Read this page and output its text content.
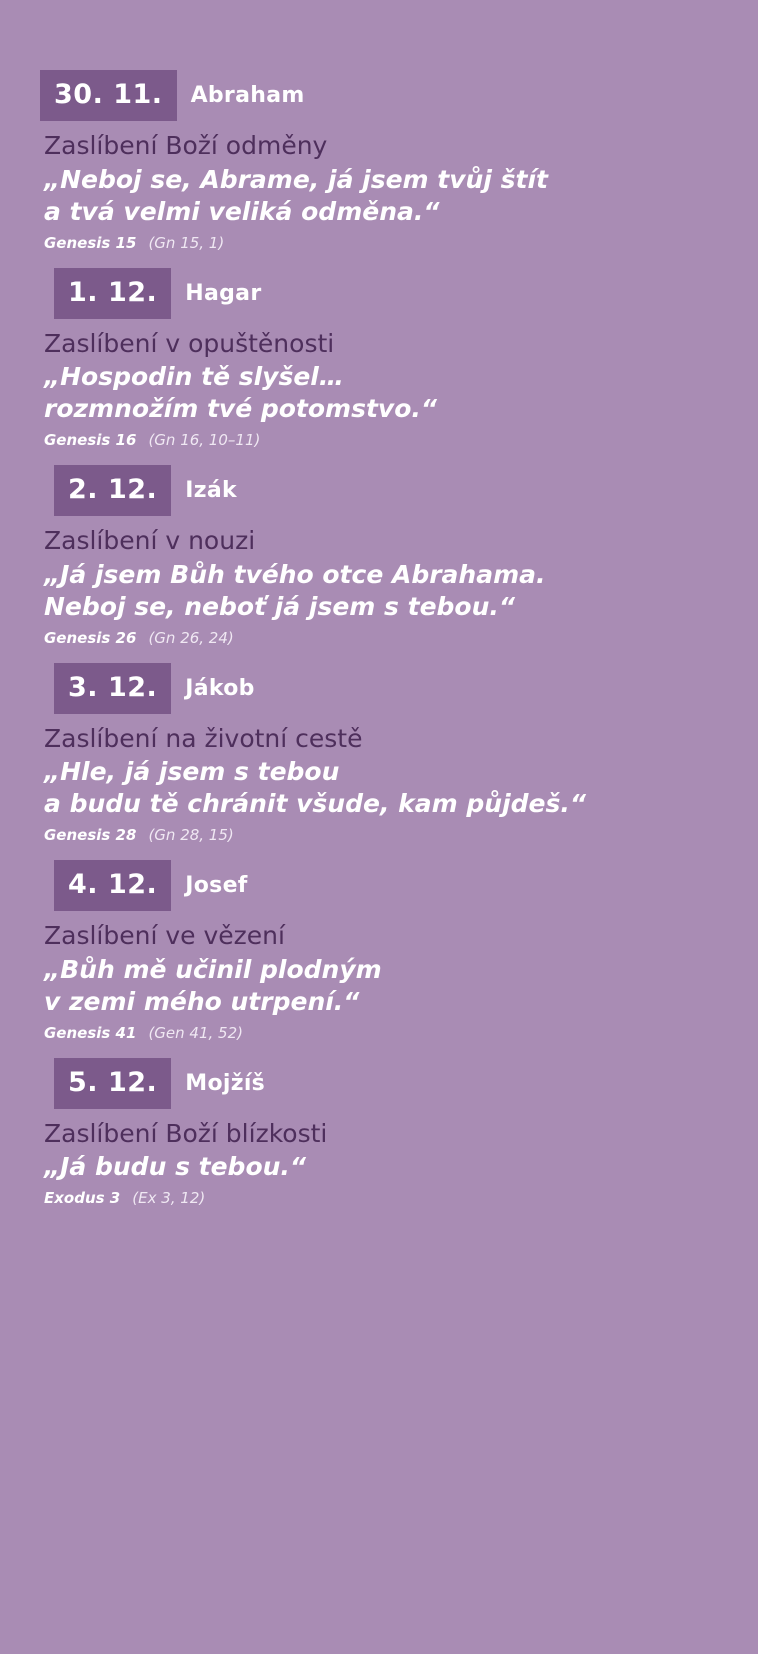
30. 11.	Abraham
Zaslíbení Boží odměny
„Neboj se, Abrame, já jsem tvůj štít
a tvá velmi veliká odměna.“
Genesis 15 (Gn 15, 1)
1. 12.	Hagar
Zaslíbení v opuštěnosti
„Hospodin tě slyšel…
rozmnožím tvé potomstvo.“
Genesis 16 (Gn 16, 10–11)
2. 12.	Izák
Zaslíbení v nouzi
„Já jsem Bůh tvého otce Abrahama.
Neboj se, neboť já jsem s tebou.“
Genesis 26 (Gn 26, 24)
3. 12.	Jákob
Zaslíbení na životní cestě
„Hle, já jsem s tebou
a budu tě chránit všude, kam půjdeš.“
Genesis 28 (Gn 28, 15)
4. 12.	Josef
Zaslíbení ve vězení
„Bůh mě učinil plodným
v zemi mého utrpení.“
Genesis 41 (Gen 41, 52)
5. 12.	Mojžíš
Zaslíbení Boží blízkosti
„Já budu s tebou.“
Exodus 3 (Ex 3, 12)
